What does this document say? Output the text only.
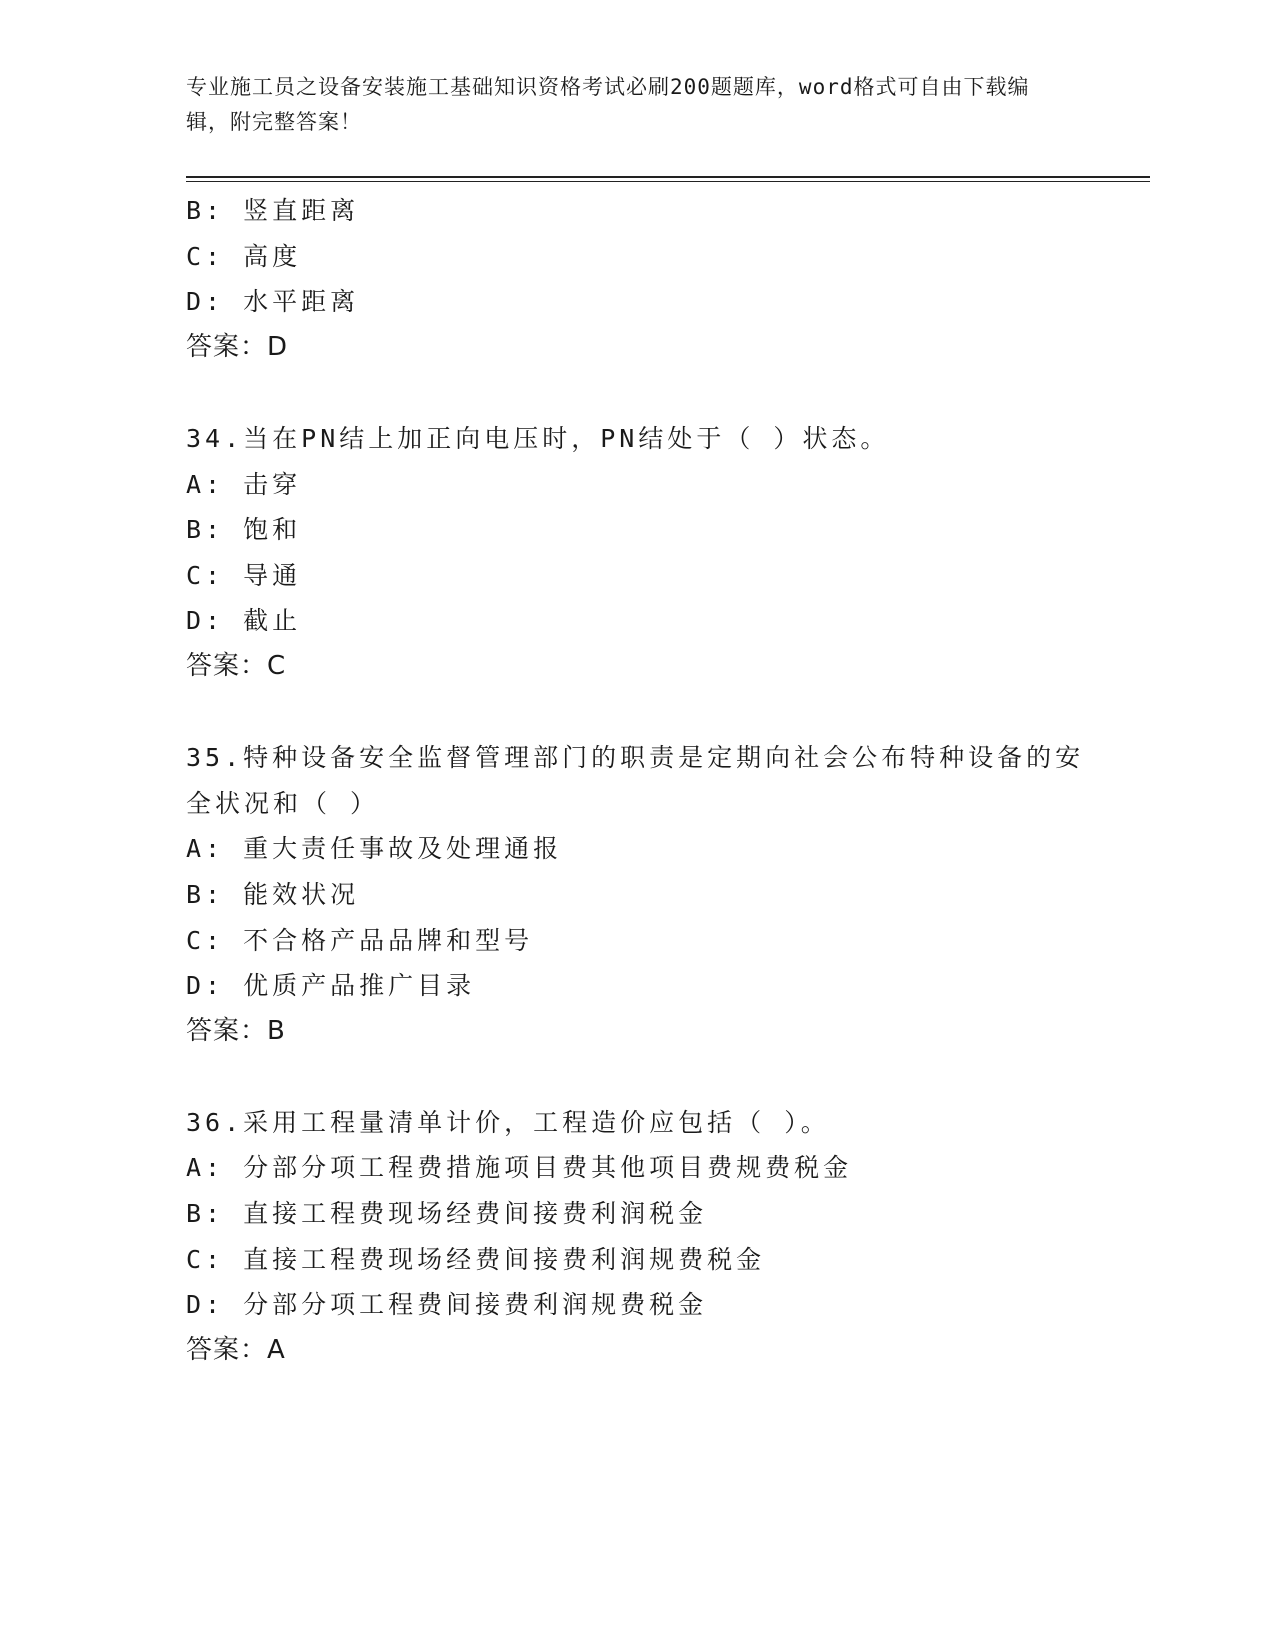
专业施工员之设备安装施工基础知识资格考试必刷200题题库，word格式可自由下载编辑，附完整答案！
B: 竖直距离
C: 高度
D: 水平距离
答案：D
34.当在PN结上加正向电压时，PN结处于（ ）状态。
A: 击穿
B: 饱和
C: 导通
D: 截止
答案：C
35.特种设备安全监督管理部门的职责是定期向社会公布特种设备的安
全状况和（ ）
A: 重大责任事故及处理通报
B: 能效状况
C: 不合格产品品牌和型号
D: 优质产品推广目录
答案：B
36.采用工程量清单计价，工程造价应包括（ ）。
A: 分部分项工程费措施项目费其他项目费规费税金
B: 直接工程费现场经费间接费利润税金
C: 直接工程费现场经费间接费利润规费税金
D: 分部分项工程费间接费利润规费税金
答案：A
